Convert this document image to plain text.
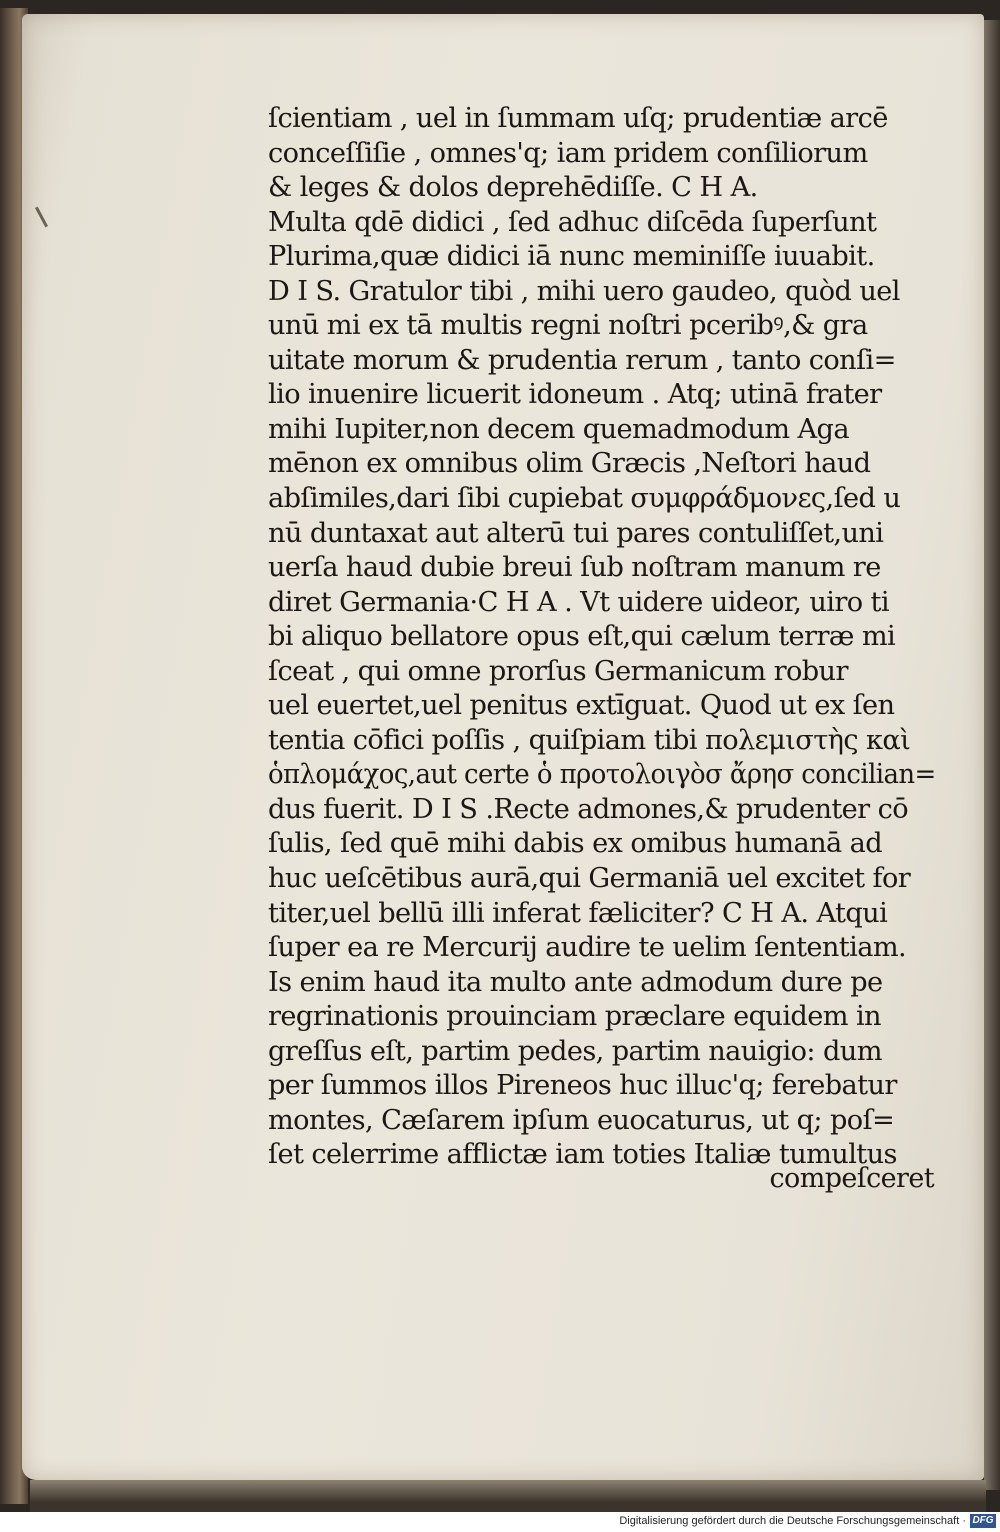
ſcientiam , uel in ſummam uſq; prudentiæ arcē
conceſſiſie , omnes'q; iam pridem conſiliorum
& leges & dolos deprehēdiſſe. C H A.
Multa qdē didici , ſed adhuc diſcēda ſuperſunt
Plurima,quæ didici iā nunc meminiſſe iuuabit.
D I S. Gratulor tibi , mihi uero gaudeo, quòd uel
unū mi ex tā multis regni noſtri pceribꝰ,& gra
uitate morum & prudentia rerum , tanto conſi=
lio inuenire licuerit idoneum . Atq; utinā frater
mihi Iupiter,non decem quemadmodum Aga
mēnon ex omnibus olim Græcis ,Neſtori haud
abſimiles,dari ſibi cupiebat συμφράδμονες,ſed u
nū duntaxat aut alterū tui pares contuliſſet,uni
uerſa haud dubie breui ſub noſtram manum re
diret Germania·C H A . Vt uidere uideor, uiro ti
bi aliquo bellatore opus eſt,qui cælum terræ mi
ſceat , qui omne prorſus Germanicum robur
uel euertet,uel penitus extīguat. Quod ut ex ſen
tentia cōfici poſſis , quiſpiam tibi πολεμιστὴς καὶ
ὁπλομάχος,aut certe ὁ προτολοιγὸσ ἄρησ concilian=
dus fuerit. D I S .Recte admones,& prudenter cō
ſulis, ſed quē mihi dabis ex omibus humanā ad
huc ueſcētibus aurā,qui Germaniā uel excitet for
titer,uel bellū illi inferat fæliciter? C H A. Atqui
ſuper ea re Mercurij audire te uelim ſententiam.
Is enim haud ita multo ante admodum dure pe
regrinationis prouinciam præclare equidem in
greſſus eſt, partim pedes, partim nauigio: dum
per ſummos illos Pireneos huc illuc'q; ferebatur
montes, Cæſarem ipſum euocaturus, ut q; poſ=
ſet celerrime afflictæ iam toties Italiæ tumultus
compeſceret
Digitalisierung gefördert durch die Deutsche Forschungsgemeinschaft · DFG
